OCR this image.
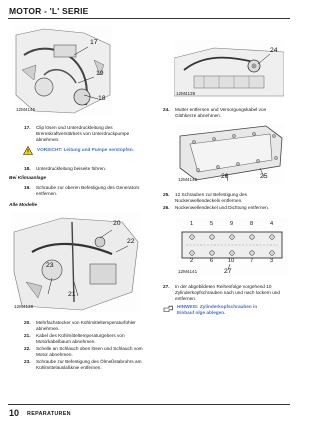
MOTOR - 'L' SERIE
17
19
18
12M4145
24
12M4139
17. Clip lösen und Unterdruckleitung des
Bremskraftverstärkers von Unterdruckpumpe
abnehmen.
VORSICHT: Leitung und Pumpe verstopfen.
18. Unterdruckleitung beiseite führen.
Bei Klimaanlage
19. Schraube zur oberen Befestigung des Generators
entfernen.
Alle Modelle
20
22
23
21
12M4138
20. Mehrfachstecker von Kühlmitteltemperaturfühler
abnehmen.
21. Kabel des Kühlmitteltemperaturgebers von
Motorkabelbaum abnehmen.
22. Schelle an Schlauch oben lösen und Schlauch vom
Motor abnehmen.
23. Schraube zur Befestigung des Ölmeßstabrohrs am
Kühlmittelauslaßknie entfernen.
24. Mutter entfernen und Versorgungskabel von
Glühkerze abnehmen.
26	25
12M4140
25. 12 Schrauben zur Befestigung des
Nockenwellendeckels entfernen.
26. Nockenwellendeckel und Dichtung entfernen.
1	5	9	8	4
2	6	10	7	3
27
12M4141
27. In der abgebildeten Reihenfolge vorgehend 10
Zylinderkopfschrauben nach und nach lockern und
entfernen.
HINWEIS: Zylinderkopfschrauben in
Einbauf olge ablegen.
10 REPARATUREN
